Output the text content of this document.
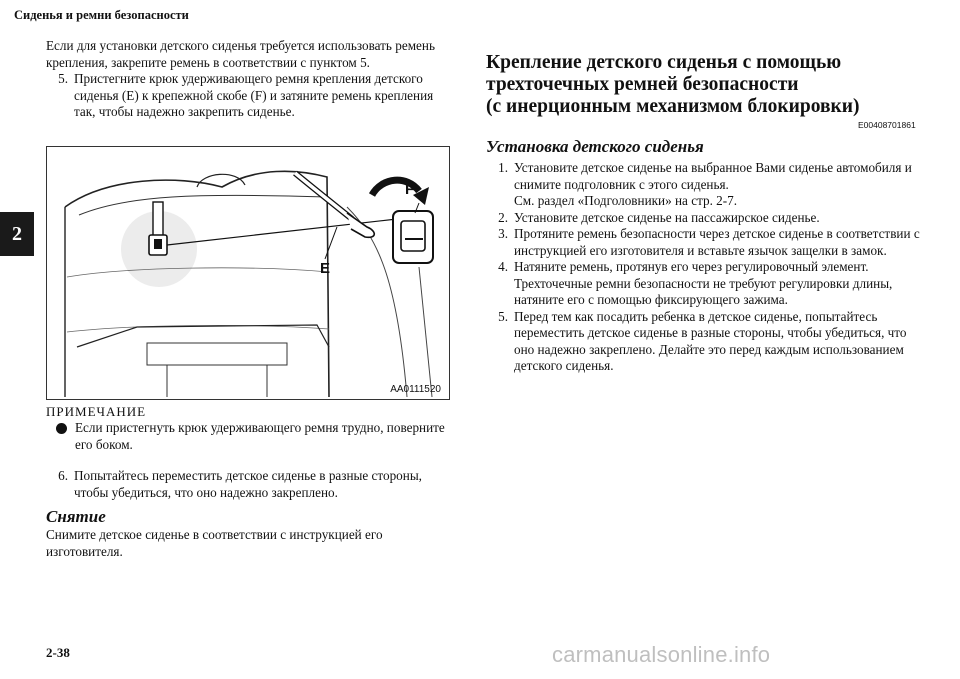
Сиденья и ремни безопасности
2

Если для установки детского сиденья требуется использовать ремень крепления, закрепите ремень в соответствии с пунктом 5.

5. Пристегните крюк удерживающего ремня крепления детского сиденья (E) к крепежной скобе (F) и затяните ремень крепления так, чтобы надежно закрепить сиденье.
F
E
AA0111520
ПРИМЕЧАНИЕ
Если пристегнуть крюк удерживающего ремня трудно, поверните его боком.
6. Попытайтесь переместить детское сиденье в разные стороны, чтобы убедиться, что оно надежно закреплено.
Снятие
Снимите детское сиденье в соответствии с инструкцией его изготовителя.
Крепление детского сиденья с помощью
трехточечных ремней безопасности
(с инерционным механизмом блокировки)
E00408701861
Установка детского сиденья
1. Установите детское сиденье на выбранное Вами сиденье автомобиля и снимите подголовник с этого сиденья.
См. раздел «Подголовники» на стр. 2-7.
2. Установите детское сиденье на пассажирское сиденье.
3. Протяните ремень безопасности через детское сиденье в соответствии с инструкцией его изготовителя и вставьте язычок защелки в замок.
4. Натяните ремень, протянув его через регулировочный элемент. Трехточечные ремни безопасности не требуют регулировки длины, натяните его с помощью фиксирующего зажима.
5. Перед тем как посадить ребенка в детское сиденье, попытайтесь переместить детское сиденье в разные стороны, чтобы убедиться, что оно надежно закреплено. Делайте это перед каждым использованием детского сиденья.
2-38	carmanualsonline.info
